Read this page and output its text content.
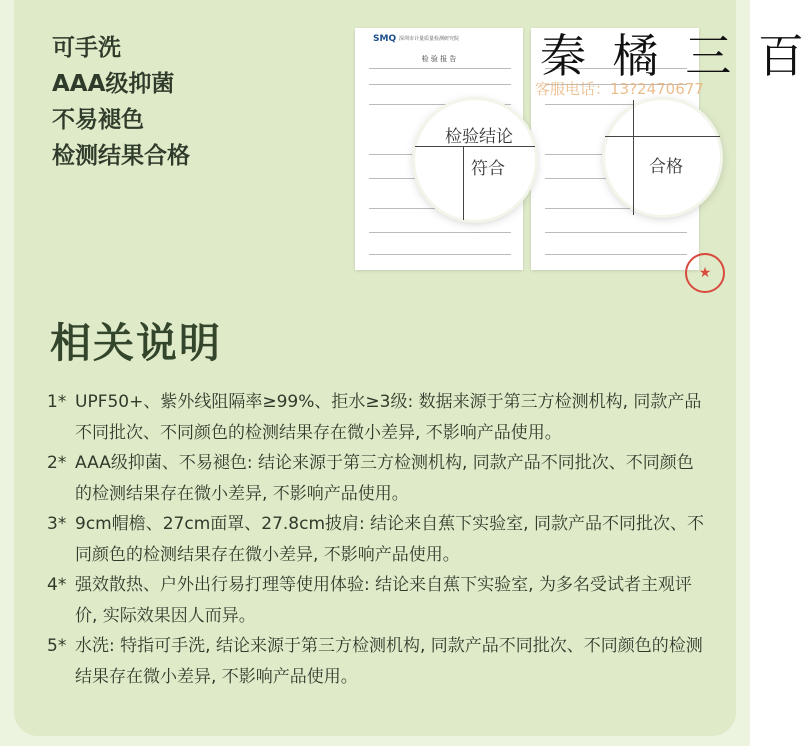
可手洗
AAA级抑菌
不易褪色
检测结果合格
SMQ 深圳市计量质量检测研究院
检 验 报 告
检验结论
符合	合格
★
秦 橘 三 百
客服电话：13?2470677
相关说明
1* UPF50+、紫外线阻隔率≥99%、拒水≥3级: 数据来源于第三方检测机构, 同款产品不同批次、不同颜色的检测结果存在微小差异, 不影响产品使用。
2* AAA级抑菌、不易褪色: 结论来源于第三方检测机构, 同款产品不同批次、不同颜色的检测结果存在微小差异, 不影响产品使用。
3* 9cm帽檐、27cm面罩、27.8cm披肩: 结论来自蕉下实验室, 同款产品不同批次、不同颜色的检测结果存在微小差异, 不影响产品使用。
4* 强效散热、户外出行易打理等使用体验: 结论来自蕉下实验室, 为多名受试者主观评价, 实际效果因人而异。
5* 水洗: 特指可手洗, 结论来源于第三方检测机构, 同款产品不同批次、不同颜色的检测结果存在微小差异, 不影响产品使用。
